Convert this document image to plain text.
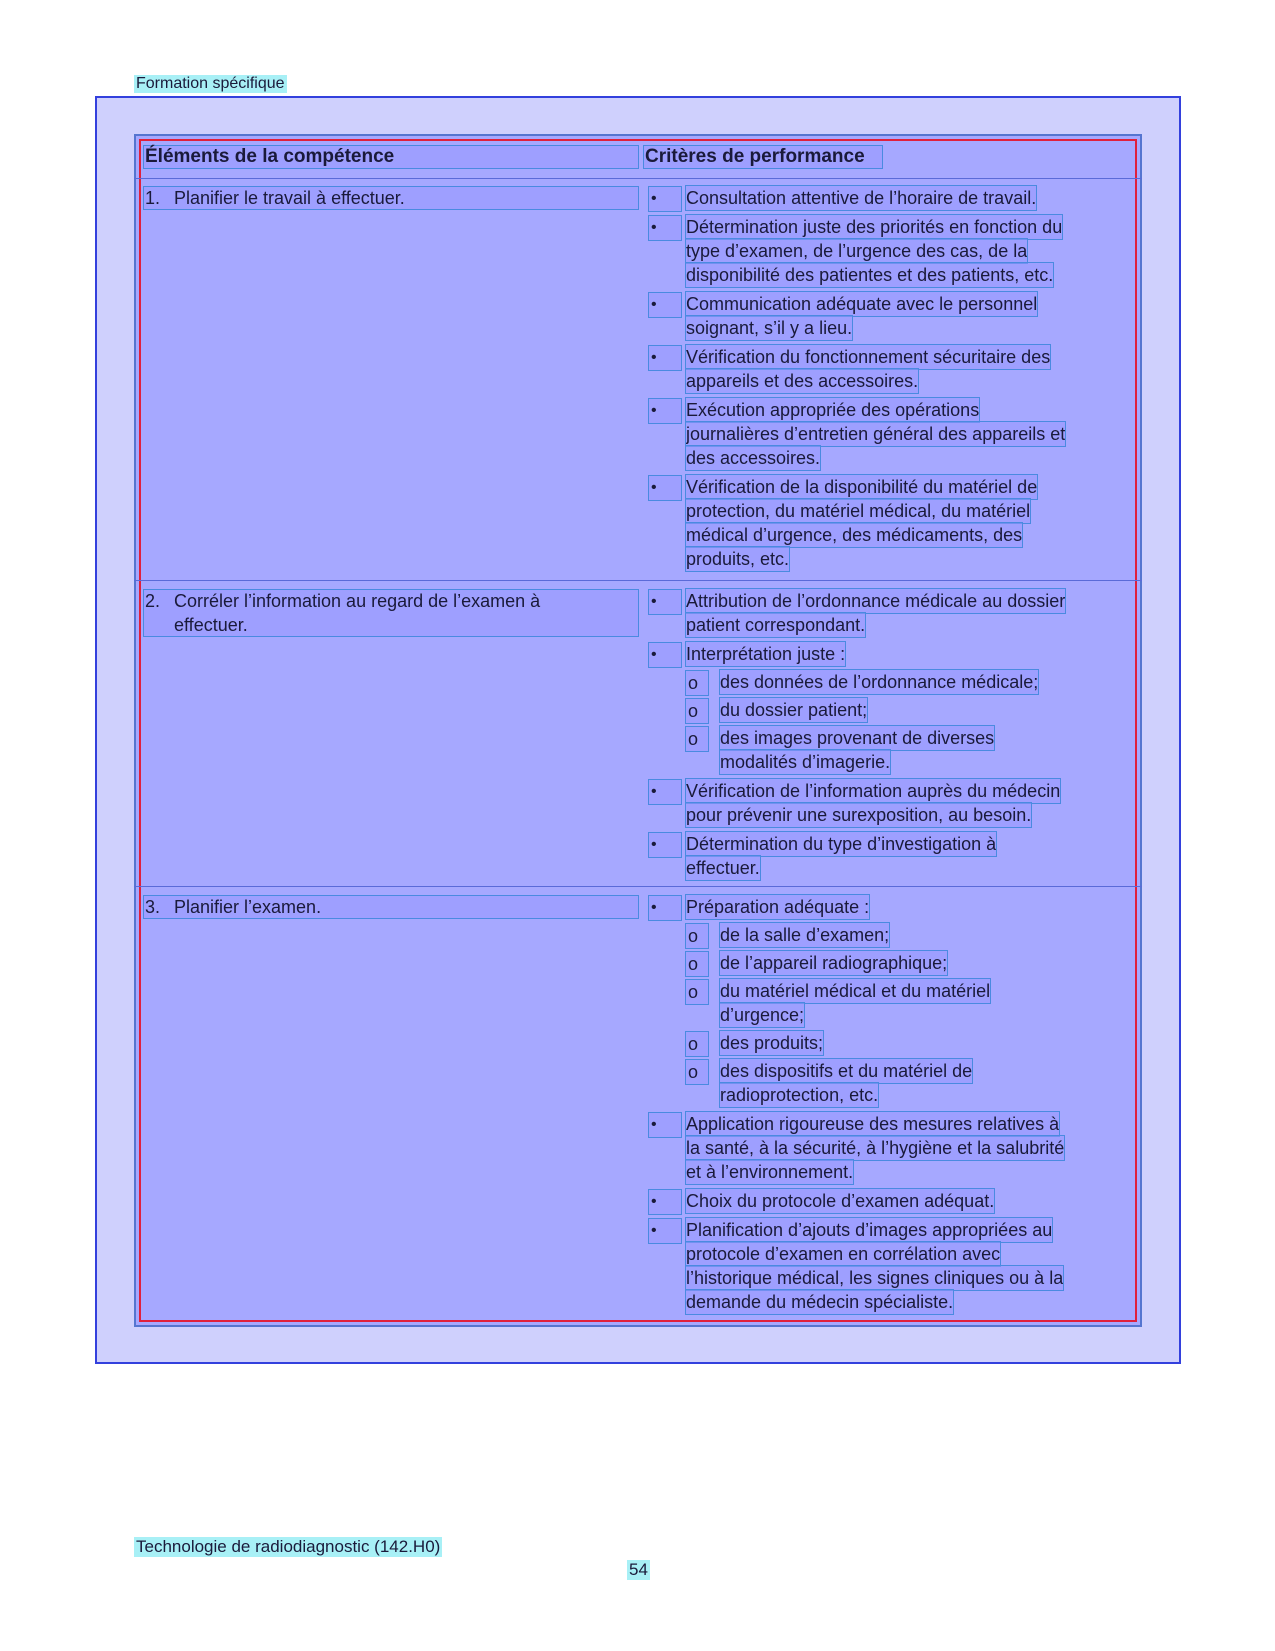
Formation spécifique
Éléments de la compétence	Critères de performance
1. Planifier le travail à effectuer.	•	Consultation attentive de l’horaire de travail.
•	Détermination juste des priorités en fonction du
type d’examen, de l’urgence des cas, de la
disponibilité des patientes et des patients, etc.
•	Communication adéquate avec le personnel
soignant, s’il y a lieu.
•	Vérification du fonctionnement sécuritaire des
appareils et des accessoires.
•	Exécution appropriée des opérations
journalières d’entretien général des appareils et
des accessoires.
•	Vérification de la disponibilité du matériel de
protection, du matériel médical, du matériel
médical d’urgence, des médicaments, des
produits, etc.
2. Corréler l’information au regard de l’examen à
effectuer.
•	Attribution de l’ordonnance médicale au dossier
patient correspondant.
•	Interprétation juste :
o	des données de l’ordonnance médicale;
o	du dossier patient;
o	des images provenant de diverses
modalités d’imagerie.
•	Vérification de l’information auprès du médecin
pour prévenir une surexposition, au besoin.
•	Détermination du type d’investigation à
effectuer.
3. Planifier l’examen.	•	Préparation adéquate :
o	de la salle d’examen;
o	de l’appareil radiographique;
o	du matériel médical et du matériel
d’urgence;
o	des produits;
o	des dispositifs et du matériel de
radioprotection, etc.
•	Application rigoureuse des mesures relatives à
la santé, à la sécurité, à l’hygiène et la salubrité
et à l’environnement.
•	Choix du protocole d’examen adéquat.
•	Planification d’ajouts d’images appropriées au
protocole d’examen en corrélation avec
l’historique médical, les signes cliniques ou à la
demande du médecin spécialiste.
Technologie de radiodiagnostic (142.H0)
54
